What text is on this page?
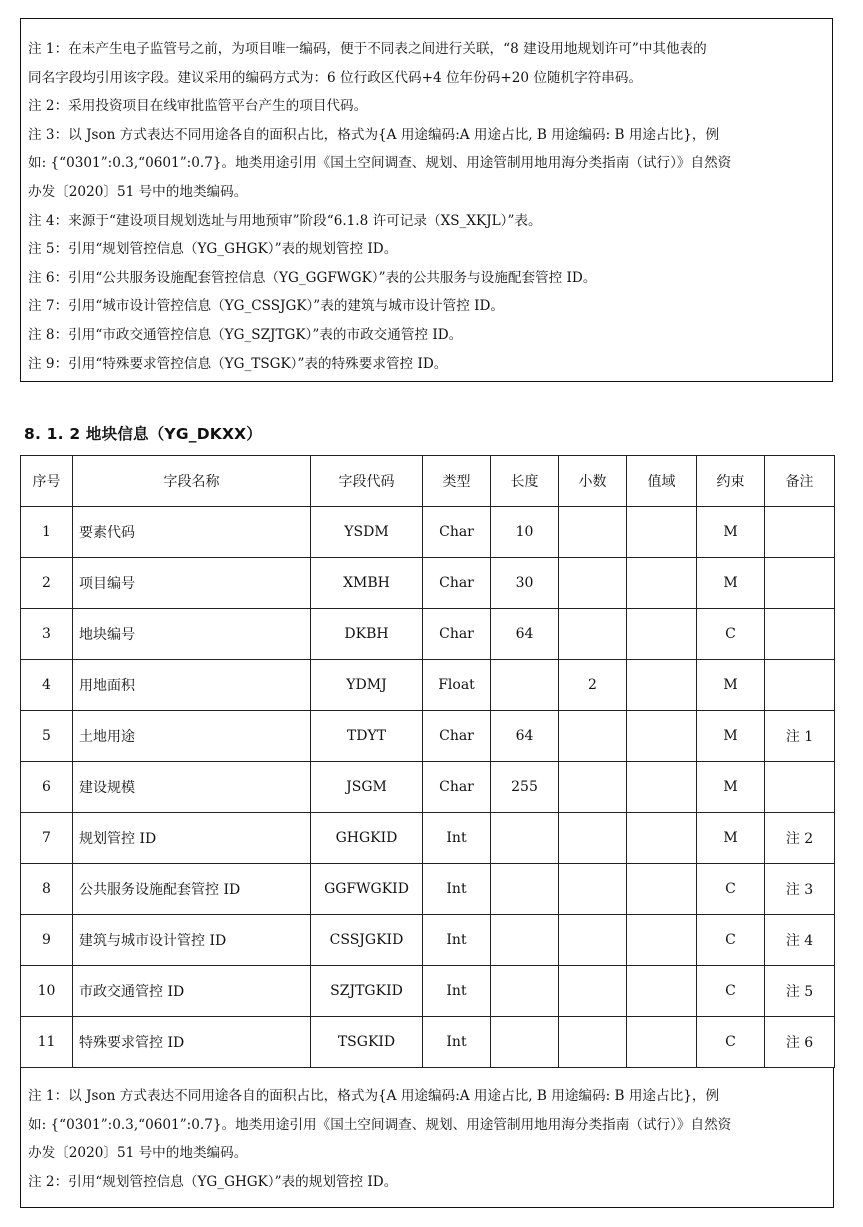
注 1：在未产生电子监管号之前，为项目唯一编码，便于不同表之间进行关联，“8 建设用地规划许可”中其他表的

同名字段均引用该字段。建议采用的编码方式为：6 位行政区代码+4 位年份码+20 位随机字符串码。

注 2：采用投资项目在线审批监管平台产生的项目代码。

注 3：以 Json 方式表达不同用途各自的面积占比，格式为{A 用途编码:A 用途占比, B 用途编码: B 用途占比}，例

如: {“0301”:0.3,“0601”:0.7}。地类用途引用《国土空间调查、规划、用途管制用地用海分类指南（试行）》自然资

办发〔2020〕51 号中的地类编码。

注 4：来源于“建设项目规划选址与用地预审”阶段“6.1.8 许可记录（XS_XKJL）”表。

注 5：引用“规划管控信息（YG_GHGK）”表的规划管控 ID。

注 6：引用“公共服务设施配套管控信息（YG_GGFWGK）”表的公共服务与设施配套管控 ID。

注 7：引用“城市设计管控信息（YG_CSSJGK）”表的建筑与城市设计管控 ID。

注 8：引用“市政交通管控信息（YG_SZJTGK）”表的市政交通管控 ID。

注 9：引用“特殊要求管控信息（YG_TSGK）”表的特殊要求管控 ID。

8. 1. 2 地块信息（YG_DKXX）
序号	字段名称	字段代码	类型	长度	小数	值域	约束	备注
1	要素代码	YSDM	Char	10			M	
2	项目编号	XMBH	Char	30			M	
3	地块编号	DKBH	Char	64			C	
4	用地面积	YDMJ	Float		2		M	
5	土地用途	TDYT	Char	64			M	注 1
6	建设规模	JSGM	Char	255			M	
7	规划管控 ID	GHGKID	Int				M	注 2
8	公共服务设施配套管控 ID	GGFWGKID	Int				C	注 3
9	建筑与城市设计管控 ID	CSSJGKID	Int				C	注 4
10	市政交通管控 ID	SZJTGKID	Int				C	注 5
11	特殊要求管控 ID	TSGKID	Int				C	注 6

注 1：以 Json 方式表达不同用途各自的面积占比，格式为{A 用途编码:A 用途占比, B 用途编码: B 用途占比}，例

如: {“0301”:0.3,“0601”:0.7}。地类用途引用《国土空间调查、规划、用途管制用地用海分类指南（试行）》自然资

办发〔2020〕51 号中的地类编码。

注 2：引用“规划管控信息（YG_GHGK）”表的规划管控 ID。
